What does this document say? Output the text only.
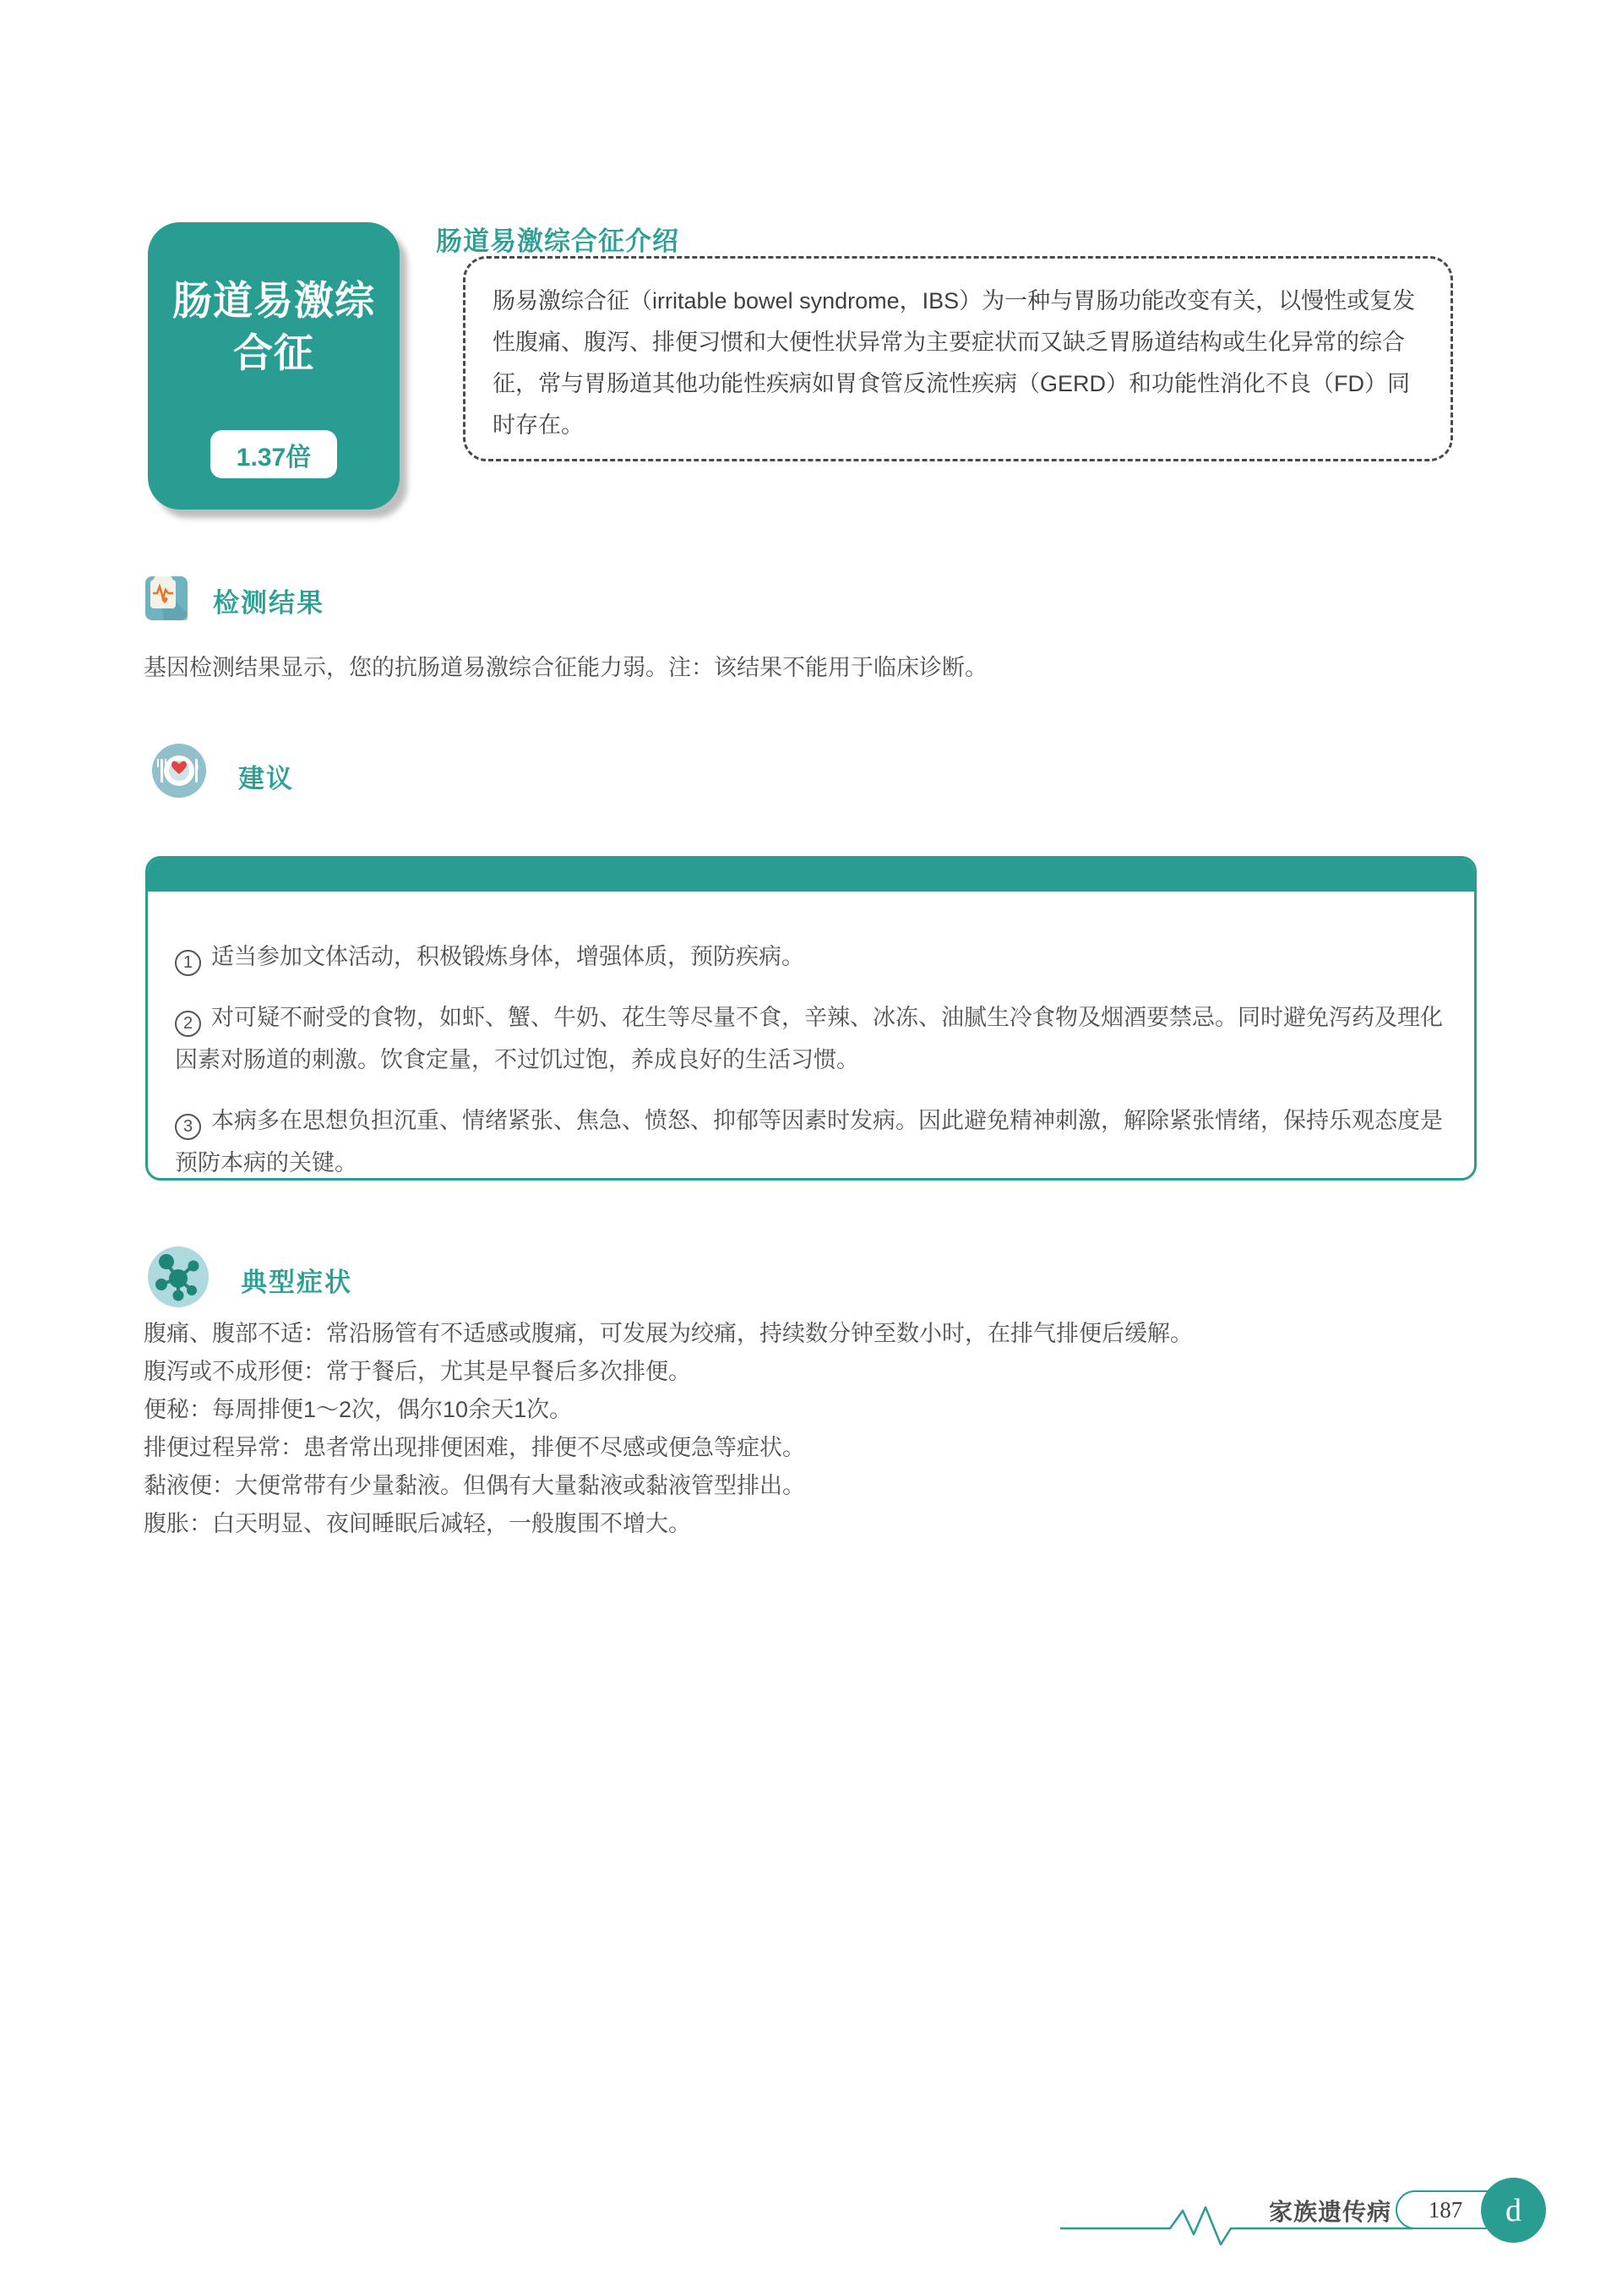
肠道易激综
合征
1.37倍
肠道易激综合征介绍
肠易激综合征（irritable bowel syndrome，IBS）为一种与胃肠功能改变有关，以慢性或复发性腹痛、腹泻、排便习惯和大便性状异常为主要症状而又缺乏胃肠道结构或生化异常的综合征，常与胃肠道其他功能性疾病如胃食管反流性疾病（GERD）和功能性消化不良（FD）同时存在。
检测结果
基因检测结果显示，您的抗肠道易激综合征能力弱。注：该结果不能用于临床诊断。
建议

1 适当参加文体活动，积极锻炼身体，增强体质，预防疾病。

2 对可疑不耐受的食物，如虾、蟹、牛奶、花生等尽量不食，辛辣、冰冻、油腻生冷食物及烟酒要禁忌。同时避免泻药及理化因素对肠道的刺激。饮食定量，不过饥过饱，养成良好的生活习惯。

3 本病多在思想负担沉重、情绪紧张、焦急、愤怒、抑郁等因素时发病。因此避免精神刺激，解除紧张情绪，保持乐观态度是预防本病的关键。

典型症状
腹痛、腹部不适：常沿肠管有不适感或腹痛，可发展为绞痛，持续数分钟至数小时，在排气排便后缓解。
腹泻或不成形便：常于餐后，尤其是早餐后多次排便。
便秘：每周排便1～2次，偶尔10余天1次。
排便过程异常：患者常出现排便困难，排便不尽感或便急等症状。
黏液便：大便常带有少量黏液。但偶有大量黏液或黏液管型排出。
腹胀：白天明显、夜间睡眠后减轻，一般腹围不增大。
家族遗传病	187	d
